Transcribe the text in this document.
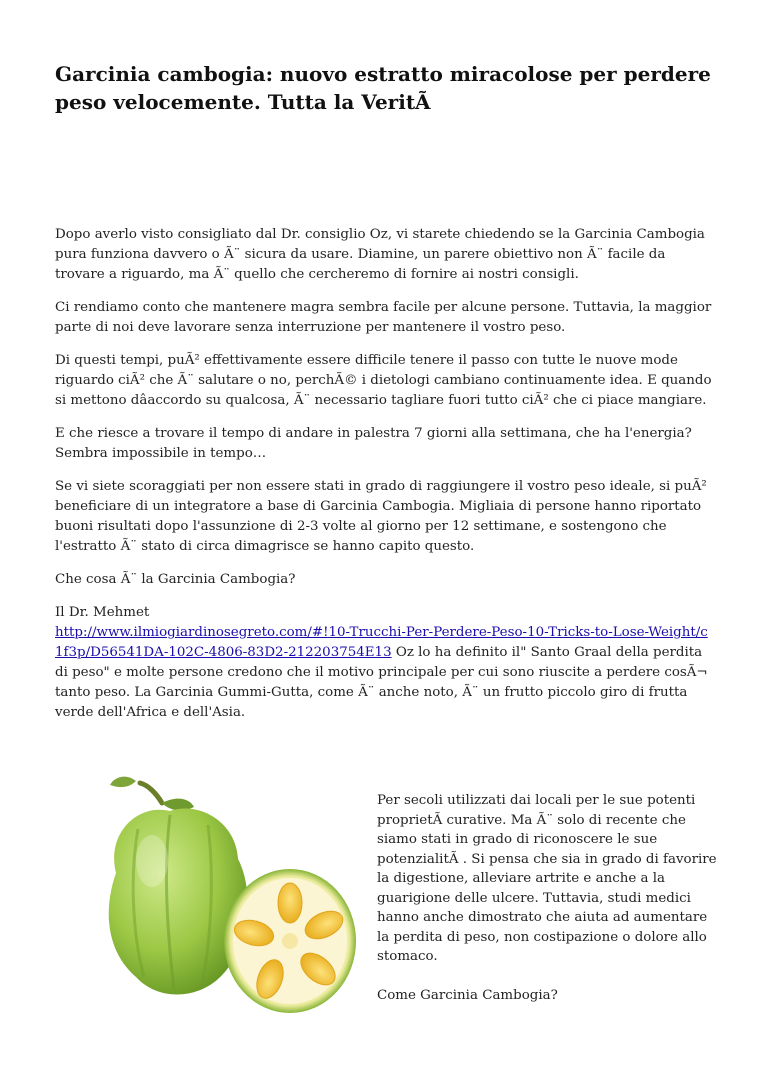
Garcinia cambogia: nuovo estratto miracolose per perdere peso velocemente. Tutta la VeritÃ

Dopo averlo visto consigliato dal Dr. consiglio Oz, vi starete chiedendo se la Garcinia Cambogia pura funziona davvero o Ã¨ sicura da usare. Diamine, un parere obiettivo non Ã¨ facile da trovare a riguardo, ma Ã¨ quello che cercheremo di fornire ai nostri consigli.

Ci rendiamo conto che mantenere magra sembra facile per alcune persone. Tuttavia, la maggior parte di noi deve lavorare senza interruzione per mantenere il vostro peso.

Di questi tempi, puÃ² effettivamente essere difficile tenere il passo con tutte le nuove mode riguardo ciÃ² che Ã¨ salutare o no, perchÃ© i dietologi cambiano continuamente idea. E quando si mettono dâaccordo su qualcosa, Ã¨ necessario tagliare fuori tutto ciÃ² che ci piace mangiare.

E che riesce a trovare il tempo di andare in palestra 7 giorni alla settimana, che ha l'energia? Sembra impossibile in tempo…

Se vi siete scoraggiati per non essere stati in grado di raggiungere il vostro peso ideale, si puÃ² beneficiare di un integratore a base di Garcinia Cambogia. Migliaia di persone hanno riportato buoni risultati dopo l'assunzione di 2-3 volte al giorno per 12 settimane, e sostengono che l'estratto Ã¨ stato di circa dimagrisce se hanno capito questo.

Che cosa Ã¨ la Garcinia Cambogia?

Il Dr. Mehmet
http://www.ilmiogiardinosegreto.com/#!10-Trucchi-Per-Perdere-Peso-10-Tricks-to-Lose-Weight/c1f3p/D56541DA-102C-4806-83D2-212203754E13 Oz lo ha definito il" Santo Graal della perdita di peso" e molte persone credono che il motivo principale per cui sono riuscite a perdere cosÃ¬ tanto peso. La Garcinia Gummi-Gutta, come Ã¨ anche noto, Ã¨ un frutto piccolo giro di frutta verde dell'Africa e dell'Asia.

Per secoli utilizzati dai locali per le sue potenti proprietÃ curative. Ma Ã¨ solo di recente che siamo stati in grado di riconoscere le sue potenzialitÃ . Si pensa che sia in grado di favorire la digestione, alleviare artrite e anche a la guarigione delle ulcere. Tuttavia, studi medici hanno anche dimostrato che aiuta ad aumentare la perdita di peso, non costipazione o dolore allo stomaco.

Come Garcinia Cambogia?
